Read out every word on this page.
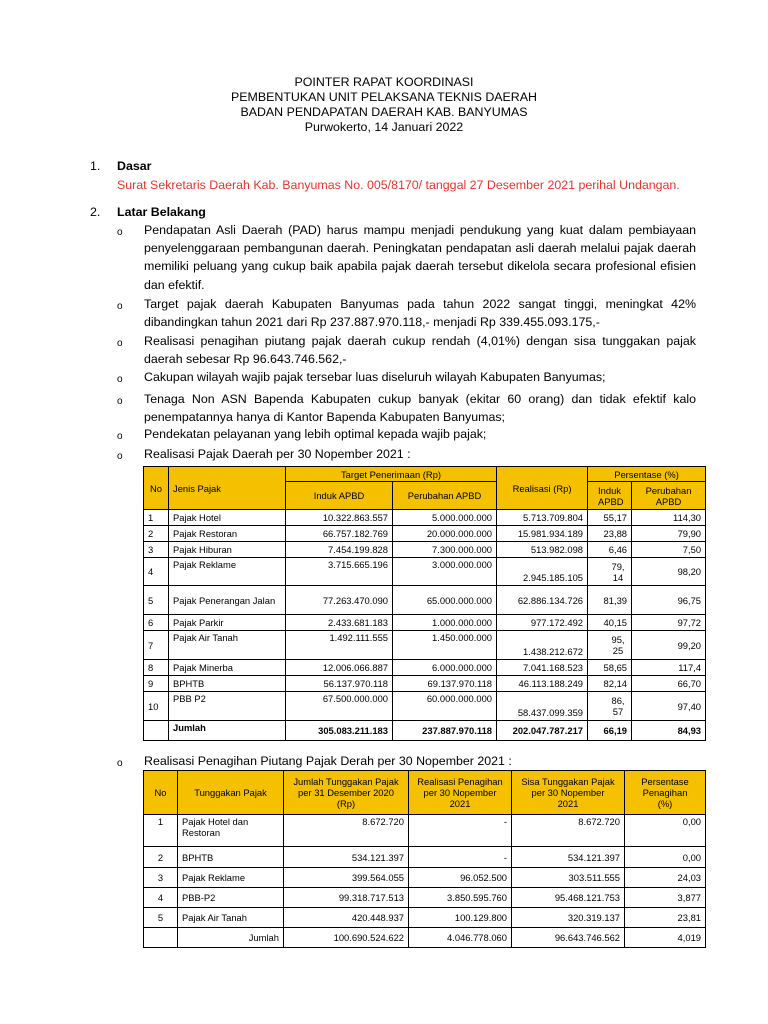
POINTER RAPAT KOORDINASI
PEMBENTUKAN UNIT PELAKSANA TEKNIS DAERAH
BADAN PENDAPATAN DAERAH KAB. BANYUMAS
Purwokerto, 14 Januari 2022
1. Dasar
Surat Sekretaris Daerah Kab. Banyumas No. 005/8170/ tanggal 27 Desember 2021 perihal Undangan.
2. Latar Belakang
o Pendapatan Asli Daerah (PAD) harus mampu menjadi pendukung yang kuat dalam pembiayaan penyelenggaraan pembangunan daerah. Peningkatan pendapatan asli daerah melalui pajak daerah memiliki peluang yang cukup baik apabila pajak daerah tersebut dikelola secara profesional efisien dan efektif.
o Target pajak daerah Kabupaten Banyumas pada tahun 2022 sangat tinggi, meningkat 42% dibandingkan tahun 2021 dari Rp 237.887.970.118,- menjadi Rp 339.455.093.175,-
o Realisasi penagihan piutang pajak daerah cukup rendah (4,01%) dengan sisa tunggakan pajak daerah sebesar Rp 96.643.746.562,-
o Cakupan wilayah wajib pajak tersebar luas diseluruh wilayah Kabupaten Banyumas;
o Tenaga Non ASN Bapenda Kabupaten cukup banyak (ekitar 60 orang) dan tidak efektif kalo penempatannya hanya di Kantor Bapenda Kabupaten Banyumas;
o Pendekatan pelayanan yang lebih optimal kepada wajib pajak;
o Realisasi Pajak Daerah per 30 Nopember 2021 :
No	Jenis Pajak	Target Penerimaan (Rp)		Realisasi (Rp)	Persentase (%)	
		Induk APBD	Perubahan APBD		Induk APBD	Perubahan APBD
1	Pajak Hotel	10.322.863.557	5.000.000.000	5.713.709.804	55,17	114,30
2	Pajak Restoran	66.757.182.769	20.000.000.000	15.981.934.189	23,88	79,90
3	Pajak Hiburan	7.454.199.828	7.300.000.000	513.982.098	6,46	7,50
4	Pajak Reklame	3.715.665.196	3.000.000.000	2.945.185.105	79,14	98,20
5	Pajak Penerangan Jalan	77.263.470.090	65.000.000.000	62.886.134.726	81,39	96,75
6	Pajak Parkir	2.433.681.183	1.000.000.000	977.172.492	40,15	97,72
7	Pajak Air Tanah	1.492.111.555	1.450.000.000	1.438.212.672	95,25	99,20
8	Pajak Minerba	12.006.066.887	6.000.000.000	7.041.168.523	58,65	117,4
9	BPHTB	56.137.970.118	69.137.970.118	46.113.188.249	82,14	66,70
10	PBB P2	67.500.000.000	60.000.000.000	58.437.099.359	86,57	97,40
	Jumlah	305.083.211.183	237.887.970.118	202.047.787.217	66,19	84,93
o Realisasi Penagihan Piutang Pajak Derah per 30 Nopember 2021 :
No	Tunggakan Pajak	Jumlah Tunggakan Pajak per 31 Desember 2020 (Rp)	Realisasi Penagihan per 30 Nopember 2021	Sisa Tunggakan Pajak per 30 Nopember 2021	Persentase Penagihan (%)
1	Pajak Hotel dan Restoran	8.672.720	-	8.672.720	0,00
2	BPHTB	534.121.397	-	534.121.397	0,00
3	Pajak Reklame	399.564.055	96.052.500	303.511.555	24,03
4	PBB-P2	99.318.717.513	3.850.595.760	95.468.121.753	3,877
5	Pajak Air Tanah	420.448.937	100.129.800	320.319.137	23,81
	Jumlah	100.690.524.622	4.046.778.060	96.643.746.562	4,019
